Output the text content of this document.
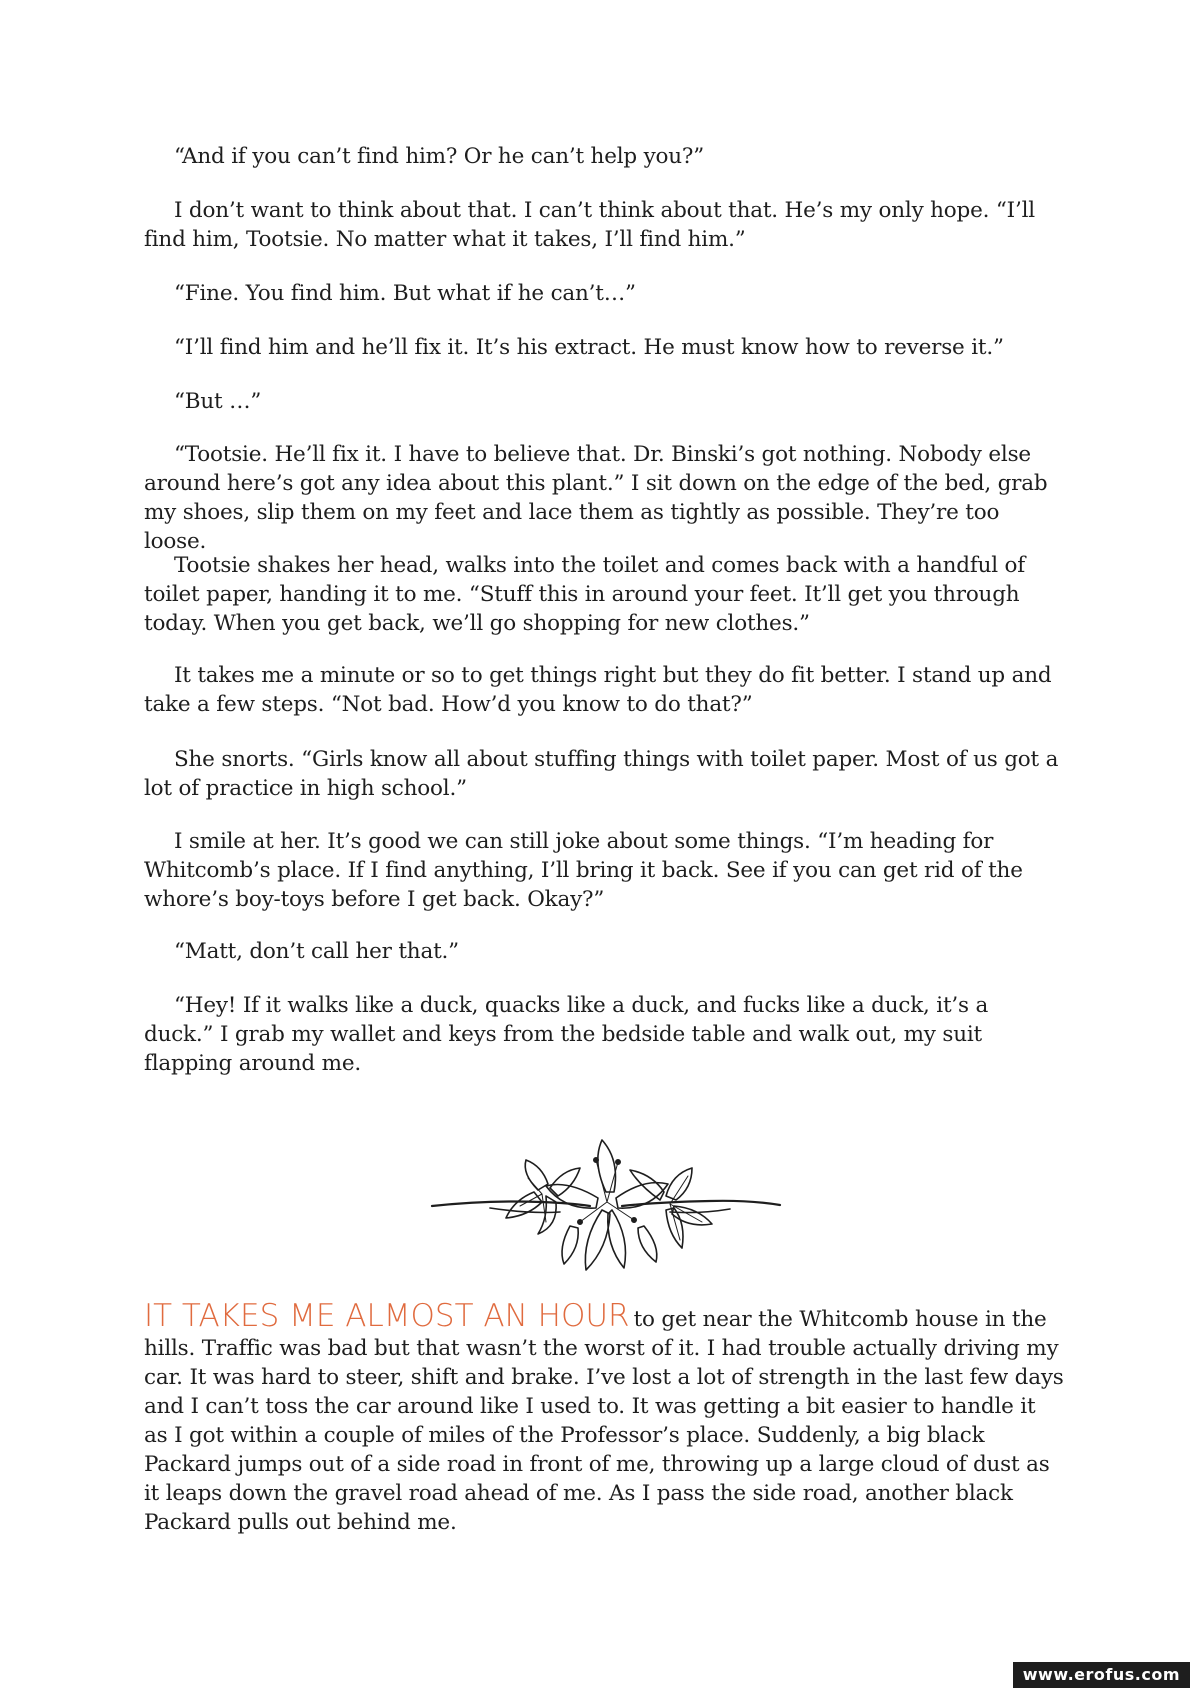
“And if you can’t find him? Or he can’t help you?”

I don’t want to think about that. I can’t think about that. He’s my only hope. “I’ll find him, Tootsie. No matter what it takes, I’ll find him.”

“Fine. You find him. But what if he can’t…”

“I’ll find him and he’ll fix it. It’s his extract. He must know how to reverse it.”

“But …”

“Tootsie. He’ll fix it. I have to believe that. Dr. Binski’s got nothing. Nobody else around here’s got any idea about this plant.” I sit down on the edge of the bed, grab my shoes, slip them on my feet and lace them as tightly as possible. They’re too loose.

Tootsie shakes her head, walks into the toilet and comes back with a handful of toilet paper, handing it to me. “Stuff this in around your feet. It’ll get you through today. When you get back, we’ll go shopping for new clothes.”

It takes me a minute or so to get things right but they do fit better. I stand up and take a few steps. “Not bad. How’d you know to do that?”

She snorts. “Girls know all about stuffing things with toilet paper. Most of us got a lot of practice in high school.”

I smile at her. It’s good we can still joke about some things. “I’m heading for Whitcomb’s place. If I find anything, I’ll bring it back. See if you can get rid of the whore’s boy-toys before I get back. Okay?”

“Matt, don’t call her that.”

“Hey! If it walks like a duck, quacks like a duck, and fucks like a duck, it’s a duck.” I grab my wallet and keys from the bedside table and walk out, my suit flapping around me.

IT TAKES ME ALMOST AN HOUR to get near the Whitcomb house in the hills. Traffic was bad but that wasn’t the worst of it. I had trouble actually driving my car. It was hard to steer, shift and brake. I’ve lost a lot of strength in the last few days and I can’t toss the car around like I used to. It was getting a bit easier to handle it as I got within a couple of miles of the Professor’s place. Suddenly, a big black Packard jumps out of a side road in front of me, throwing up a large cloud of dust as it leaps down the gravel road ahead of me. As I pass the side road, another black Packard pulls out behind me.

www.erofus.com
